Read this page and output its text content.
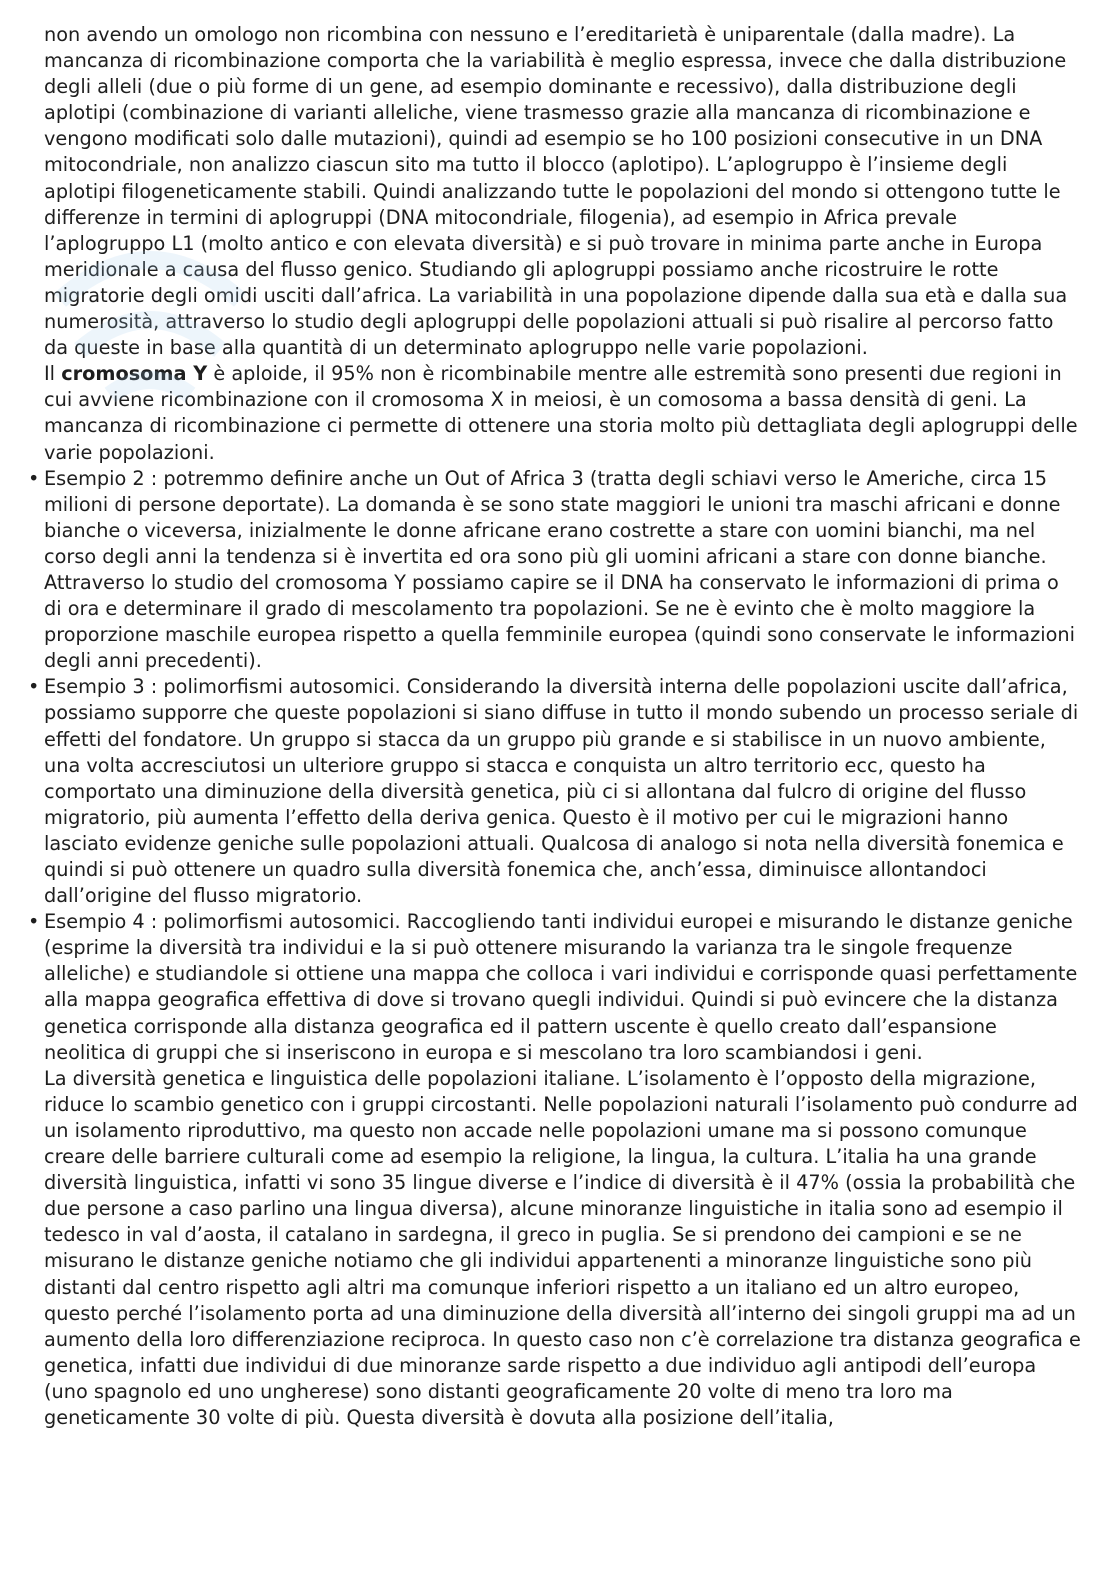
non avendo un omologo non ricombina con nessuno e l’ereditarietà è uniparentale (dalla madre). La mancanza di ricombinazione comporta che la variabilità è meglio espressa, invece che dalla distribuzione degli alleli (due o più forme di un gene, ad esempio dominante e recessivo), dalla distribuzione degli aplotipi (combinazione di varianti alleliche, viene trasmesso grazie alla mancanza di ricombinazione e vengono modificati solo dalle mutazioni), quindi ad esempio se ho 100 posizioni consecutive in un DNA mitocondriale, non analizzo ciascun sito ma tutto il blocco (aplotipo). L’aplogruppo è l’insieme degli aplotipi filogeneticamente stabili. Quindi analizzando tutte le popolazioni del mondo si ottengono tutte le differenze in termini di aplogruppi (DNA mitocondriale, filogenia), ad esempio in Africa prevale l’aplogruppo L1 (molto antico e con elevata diversità) e si può trovare in minima parte anche in Europa meridionale a causa del flusso genico. Studiando gli aplogruppi possiamo anche ricostruire le rotte migratorie degli omidi usciti dall’africa. La variabilità in una popolazione dipende dalla sua età e dalla sua numerosità, attraverso lo studio degli aplogruppi delle popolazioni attuali si può risalire al percorso fatto da queste in base alla quantità di un determinato aplogruppo nelle varie popolazioni.

Il cromosoma Y è aploide, il 95% non è ricombinabile mentre alle estremità sono presenti due regioni in cui avviene ricombinazione con il cromosoma X in meiosi, è un comosoma a bassa densità di geni. La mancanza di ricombinazione ci permette di ottenere una storia molto più dettagliata degli aplogruppi delle varie popolazioni.

• Esempio 2 : potremmo definire anche un Out of Africa 3 (tratta degli schiavi verso le Americhe, circa 15 milioni di persone deportate). La domanda è se sono state maggiori le unioni tra maschi africani e donne bianche o viceversa, inizialmente le donne africane erano costrette a stare con uomini bianchi, ma nel corso degli anni la tendenza si è invertita ed ora sono più gli uomini africani a stare con donne bianche. Attraverso lo studio del cromosoma Y possiamo capire se il DNA ha conservato le informazioni di prima o di ora e determinare il grado di mescolamento tra popolazioni. Se ne è evinto che è molto maggiore la proporzione maschile europea rispetto a quella femminile europea (quindi sono conservate le informazioni degli anni precedenti).
• Esempio 3 : polimorfismi autosomici. Considerando la diversità interna delle popolazioni uscite dall’africa, possiamo supporre che queste popolazioni si siano diffuse in tutto il mondo subendo un processo seriale di effetti del fondatore. Un gruppo si stacca da un gruppo più grande e si stabilisce in un nuovo ambiente, una volta accresciutosi un ulteriore gruppo si stacca e conquista un altro territorio ecc, questo ha comportato una diminuzione della diversità genetica, più ci si allontana dal fulcro di origine del flusso migratorio, più aumenta l’effetto della deriva genica. Questo è il motivo per cui le migrazioni hanno lasciato evidenze geniche sulle popolazioni attuali. Qualcosa di analogo si nota nella diversità fonemica e quindi si può ottenere un quadro sulla diversità fonemica che, anch’essa, diminuisce allontandoci dall’origine del flusso migratorio.
• Esempio 4 : polimorfismi autosomici. Raccogliendo tanti individui europei e misurando le distanze geniche (esprime la diversità tra individui e la si può ottenere misurando la varianza tra le singole frequenze alleliche) e studiandole si ottiene una mappa che colloca i vari individui e corrisponde quasi perfettamente alla mappa geografica effettiva di dove si trovano quegli individui. Quindi si può evincere che la distanza genetica corrisponde alla distanza geografica ed il pattern uscente è quello creato dall’espansione neolitica di gruppi che si inseriscono in europa e si mescolano tra loro scambiandosi i geni.

La diversità genetica e linguistica delle popolazioni italiane. L’isolamento è l’opposto della migrazione, riduce lo scambio genetico con i gruppi circostanti. Nelle popolazioni naturali l’isolamento può condurre ad un isolamento riproduttivo, ma questo non accade nelle popolazioni umane ma si possono comunque creare delle barriere culturali come ad esempio la religione, la lingua, la cultura. L’italia ha una grande diversità linguistica, infatti vi sono 35 lingue diverse e l’indice di diversità è il 47% (ossia la probabilità che due persone a caso parlino una lingua diversa), alcune minoranze linguistiche in italia sono ad esempio il tedesco in val d’aosta, il catalano in sardegna, il greco in puglia. Se si prendono dei campioni e se ne misurano le distanze geniche notiamo che gli individui appartenenti a minoranze linguistiche sono più distanti dal centro rispetto agli altri ma comunque inferiori rispetto a un italiano ed un altro europeo, questo perché l’isolamento porta ad una diminuzione della diversità all’interno dei singoli gruppi ma ad un aumento della loro differenziazione reciproca. In questo caso non c’è correlazione tra distanza geografica e genetica, infatti due individui di due minoranze sarde rispetto a due individuo agli antipodi dell’europa (uno spagnolo ed uno ungherese) sono distanti geograficamente 20 volte di meno tra loro ma geneticamente 30 volte di più. Questa diversità è dovuta alla posizione dell’italia,
